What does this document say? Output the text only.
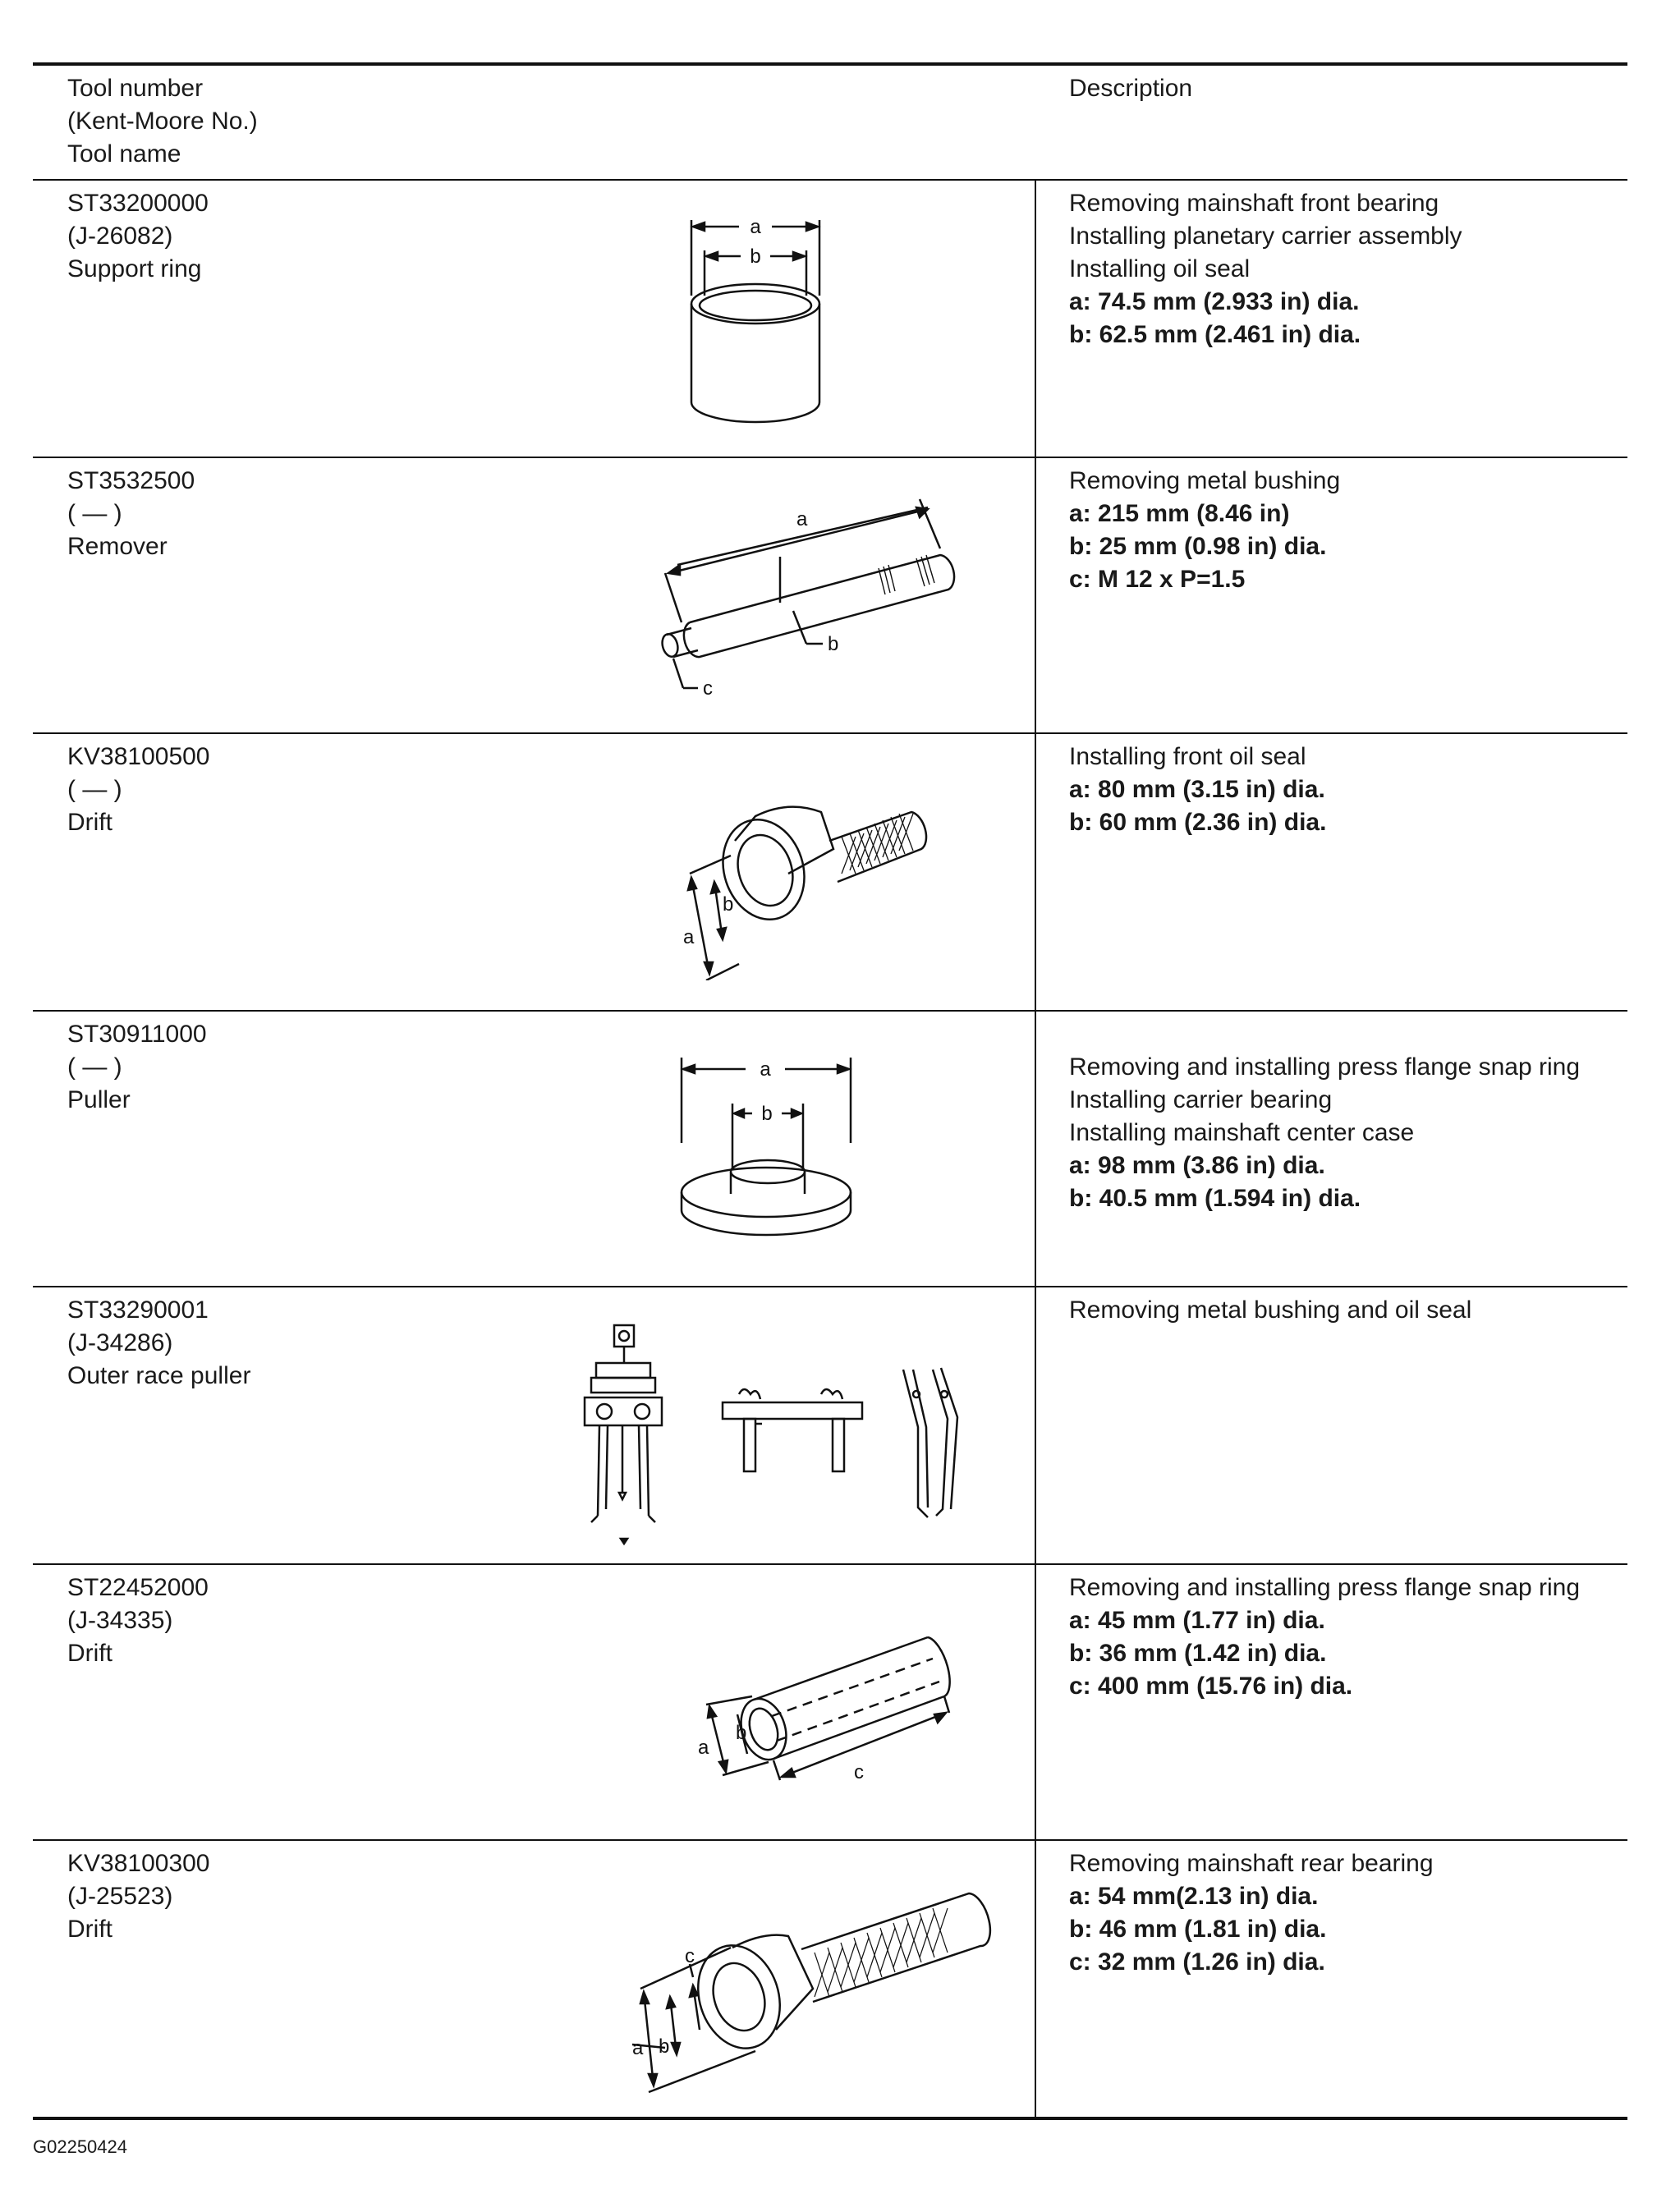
Tool number
(Kent-Moore No.)
Tool name
Description
ST33200000
(J-26082)
Support ring
a
b
Removing mainshaft front bearing
Installing planetary carrier assembly
Installing oil seal
a: 74.5 mm (2.933 in) dia.
b: 62.5 mm (2.461 in) dia.
ST3532500
( — )
Remover
a
b
c
Removing metal bushing
a: 215 mm (8.46 in)
b: 25 mm (0.98 in) dia.
c: M 12 x P=1.5
KV38100500
( — )
Drift
a
b
Installing front oil seal
a: 80 mm (3.15 in) dia.
b: 60 mm (2.36 in) dia.
ST30911000
( — )
Puller
a
b
Removing and installing press flange snap ring
Installing carrier bearing
Installing mainshaft center case
a: 98 mm (3.86 in) dia.
b: 40.5 mm (1.594 in) dia.
ST33290001
(J-34286)
Outer race puller
Removing metal bushing and oil seal
ST22452000
(J-34335)
Drift
a
b
c
Removing and installing press flange snap ring
a: 45 mm (1.77 in) dia.
b: 36 mm (1.42 in) dia.
c: 400 mm (15.76 in) dia.
KV38100300
(J-25523)
Drift
a b
c
Removing mainshaft rear bearing
a: 54 mm(2.13 in) dia.
b: 46 mm (1.81 in) dia.
c: 32 mm (1.26 in) dia.
G02250424
